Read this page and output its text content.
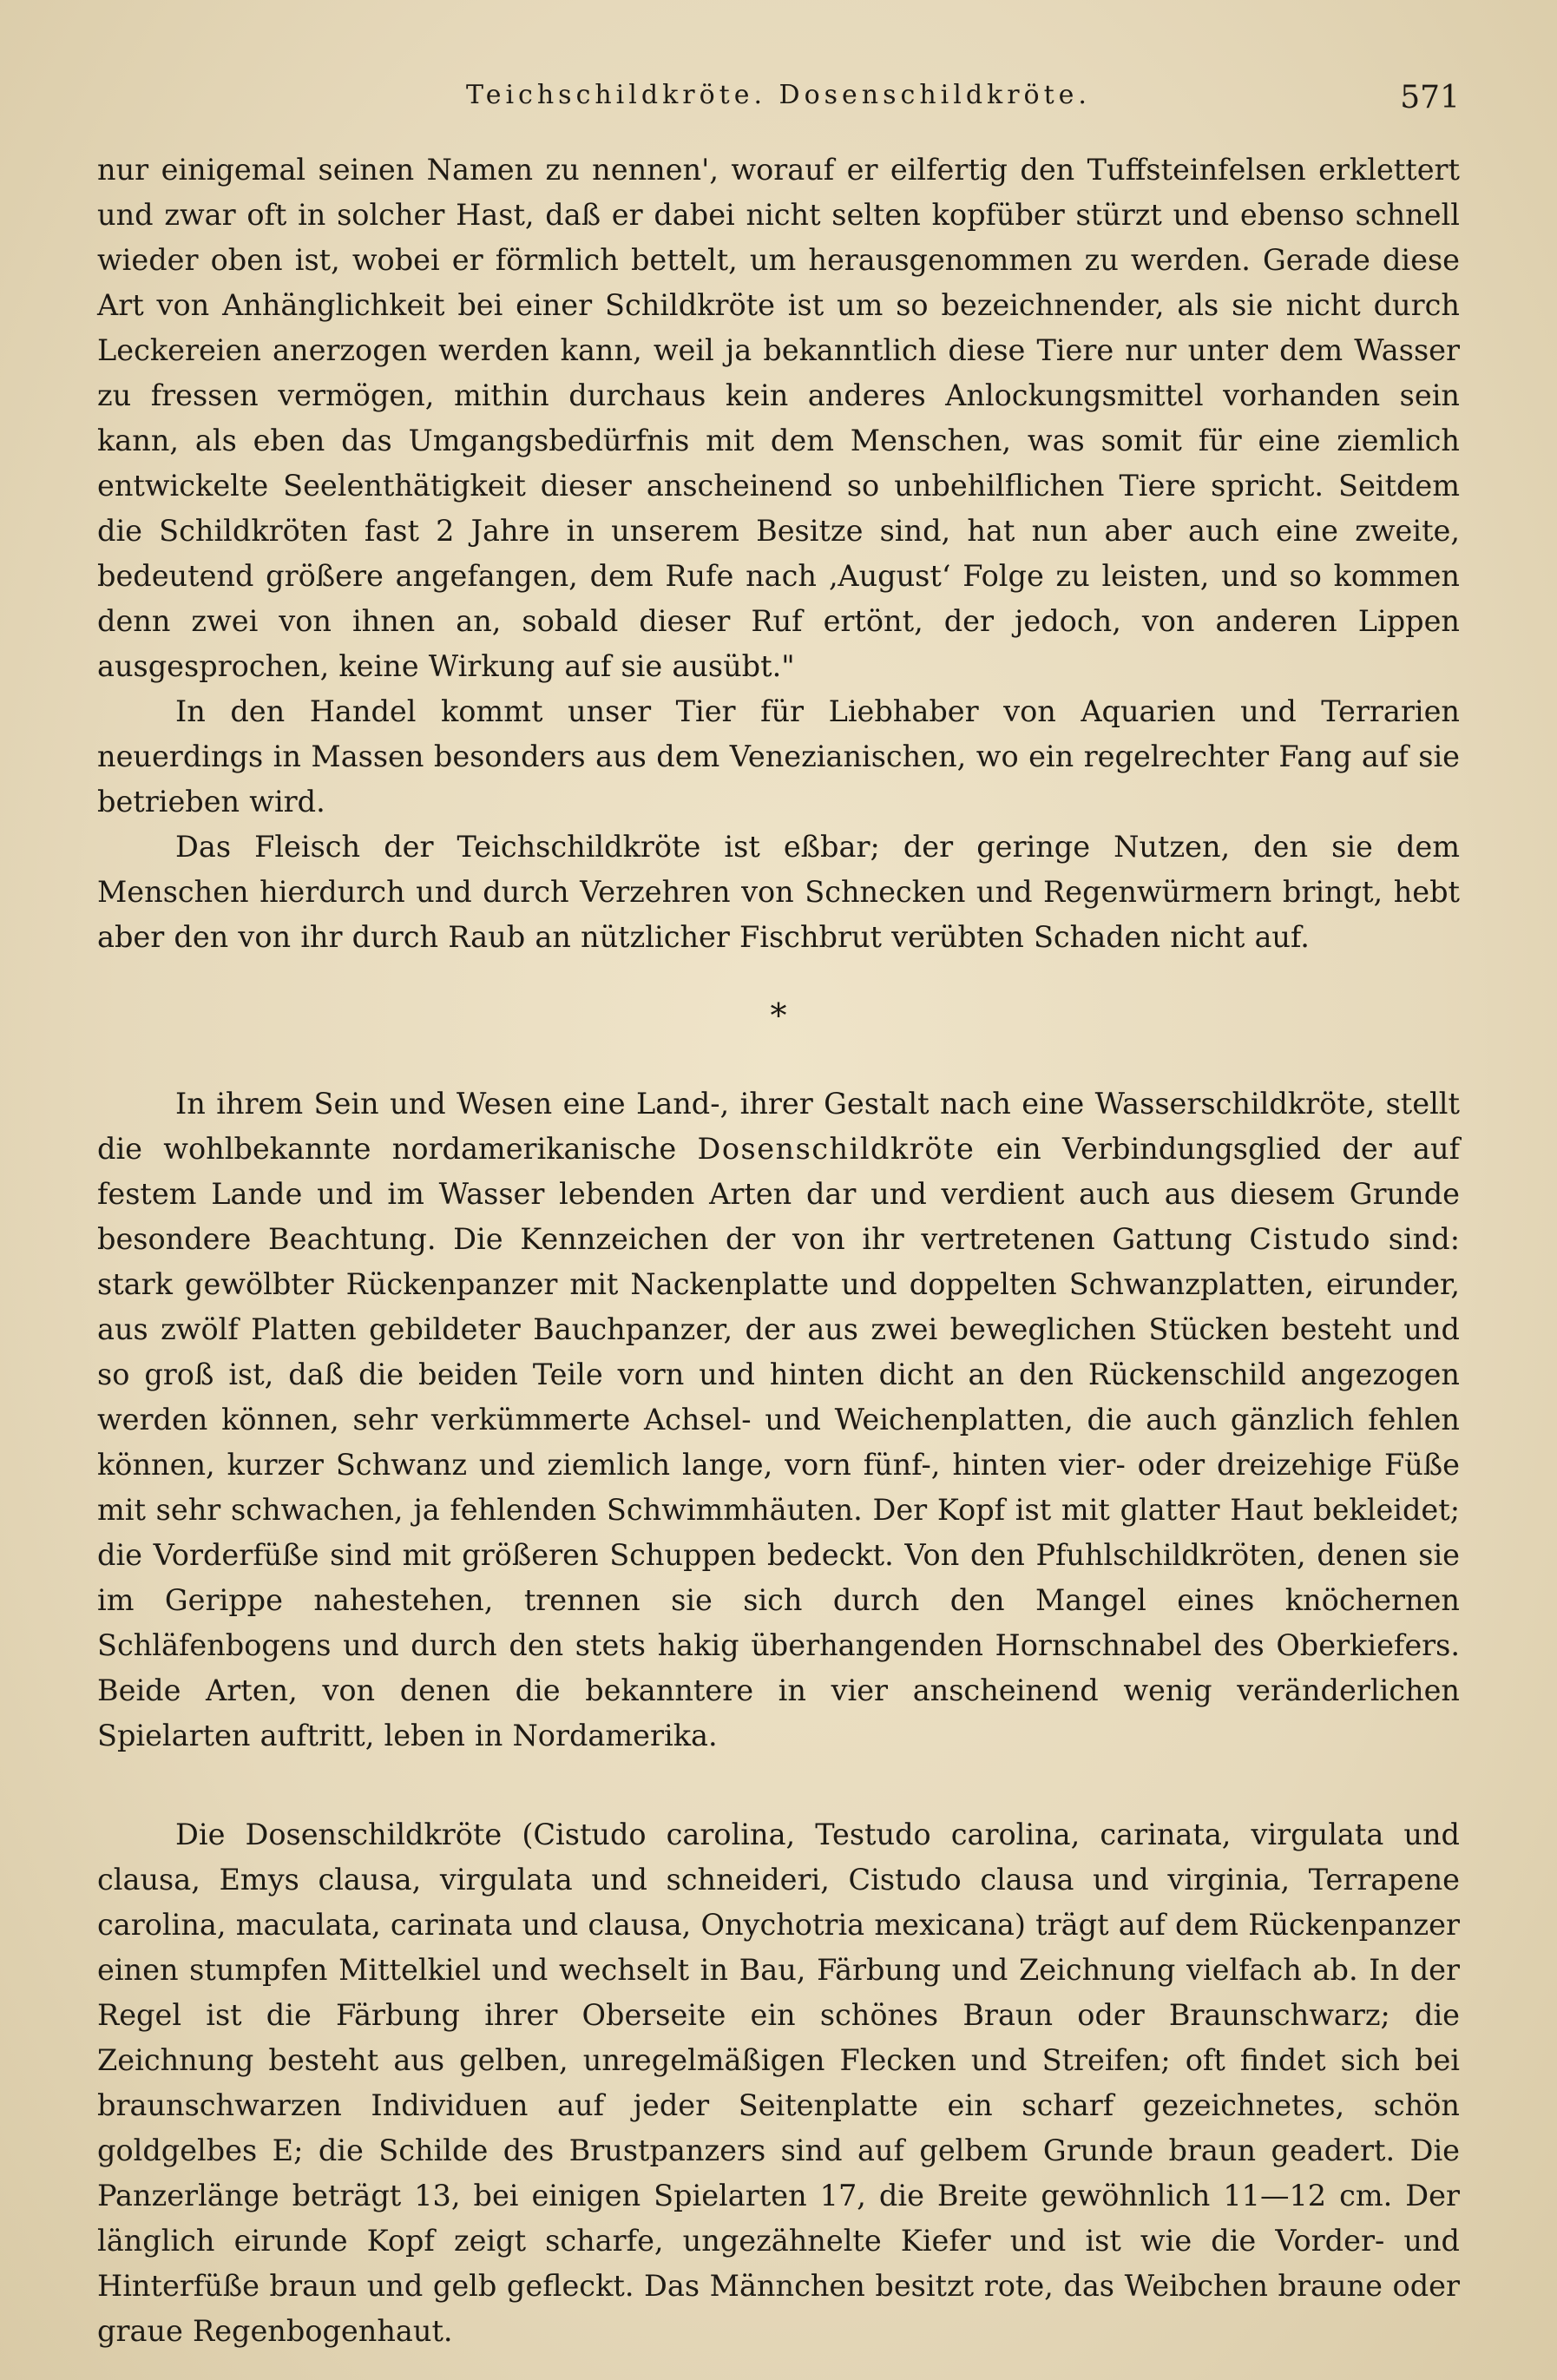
Teichschildkröte. Dosenschildkröte.	571

nur einigemal seinen Namen zu nennen', worauf er eilfertig den Tuffsteinfelsen erklettert und zwar oft in solcher Hast, daß er dabei nicht selten kopfüber stürzt und ebenso schnell wieder oben ist, wobei er förmlich bettelt, um herausgenommen zu werden. Gerade diese Art von Anhänglichkeit bei einer Schildkröte ist um so bezeichnender, als sie nicht durch Leckereien anerzogen werden kann, weil ja bekanntlich diese Tiere nur unter dem Wasser zu fressen vermögen, mithin durchaus kein anderes Anlockungsmittel vorhanden sein kann, als eben das Umgangsbedürfnis mit dem Menschen, was somit für eine ziemlich entwickelte Seelenthätigkeit dieser anscheinend so unbehilflichen Tiere spricht. Seitdem die Schildkröten fast 2 Jahre in unserem Besitze sind, hat nun aber auch eine zweite, bedeutend größere angefangen, dem Rufe nach ‚August‘ Folge zu leisten, und so kommen denn zwei von ihnen an, sobald dieser Ruf ertönt, der jedoch, von anderen Lippen ausgesprochen, keine Wirkung auf sie ausübt."

In den Handel kommt unser Tier für Liebhaber von Aquarien und Terrarien neuerdings in Massen besonders aus dem Venezianischen, wo ein regelrechter Fang auf sie betrieben wird.

Das Fleisch der Teichschildkröte ist eßbar; der geringe Nutzen, den sie dem Menschen hierdurch und durch Verzehren von Schnecken und Regenwürmern bringt, hebt aber den von ihr durch Raub an nützlicher Fischbrut verübten Schaden nicht auf.

*

In ihrem Sein und Wesen eine Land-, ihrer Gestalt nach eine Wasserschildkröte, stellt die wohlbekannte nordamerikanische Dosenschildkröte ein Verbindungsglied der auf festem Lande und im Wasser lebenden Arten dar und verdient auch aus diesem Grunde besondere Beachtung. Die Kennzeichen der von ihr vertretenen Gattung Cistudo sind: stark gewölbter Rückenpanzer mit Nackenplatte und doppelten Schwanzplatten, eirunder, aus zwölf Platten gebildeter Bauchpanzer, der aus zwei beweglichen Stücken besteht und so groß ist, daß die beiden Teile vorn und hinten dicht an den Rückenschild angezogen werden können, sehr verkümmerte Achsel- und Weichenplatten, die auch gänzlich fehlen können, kurzer Schwanz und ziemlich lange, vorn fünf-, hinten vier- oder dreizehige Füße mit sehr schwachen, ja fehlenden Schwimmhäuten. Der Kopf ist mit glatter Haut bekleidet; die Vorderfüße sind mit größeren Schuppen bedeckt. Von den Pfuhlschildkröten, denen sie im Gerippe nahestehen, trennen sie sich durch den Mangel eines knöchernen Schläfenbogens und durch den stets hakig überhangenden Hornschnabel des Oberkiefers. Beide Arten, von denen die bekanntere in vier anscheinend wenig veränderlichen Spielarten auftritt, leben in Nordamerika.

Die Dosenschildkröte (Cistudo carolina, Testudo carolina, carinata, virgulata und clausa, Emys clausa, virgulata und schneideri, Cistudo clausa und virginia, Terrapene carolina, maculata, carinata und clausa, Onychotria mexicana) trägt auf dem Rückenpanzer einen stumpfen Mittelkiel und wechselt in Bau, Färbung und Zeichnung vielfach ab. In der Regel ist die Färbung ihrer Oberseite ein schönes Braun oder Braunschwarz; die Zeichnung besteht aus gelben, unregelmäßigen Flecken und Streifen; oft findet sich bei braunschwarzen Individuen auf jeder Seitenplatte ein scharf gezeichnetes, schön goldgelbes E; die Schilde des Brustpanzers sind auf gelbem Grunde braun geadert. Die Panzerlänge beträgt 13, bei einigen Spielarten 17, die Breite gewöhnlich 11—12 cm. Der länglich eirunde Kopf zeigt scharfe, ungezähnelte Kiefer und ist wie die Vorder- und Hinterfüße braun und gelb gefleckt. Das Männchen besitzt rote, das Weibchen braune oder graue Regenbogenhaut.
